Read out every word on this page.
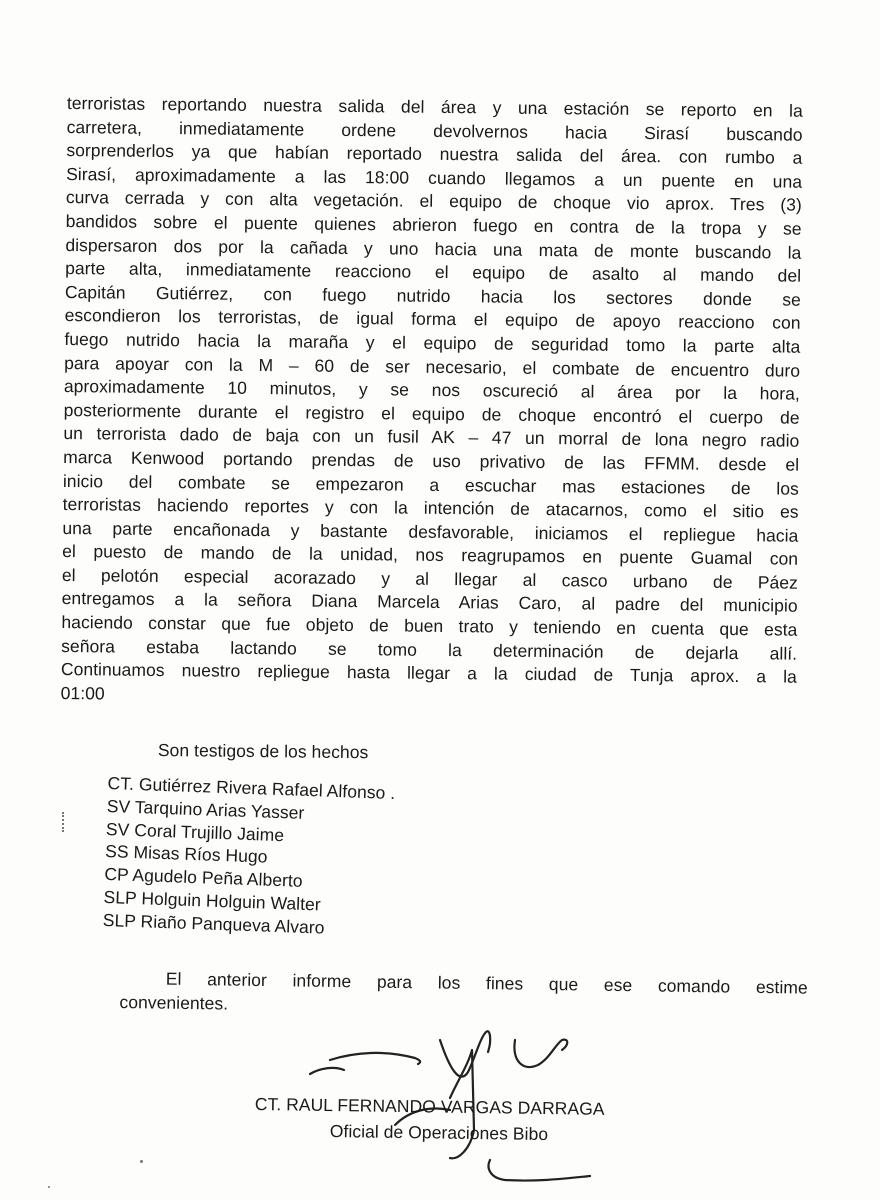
terroristas reportando nuestra salida del área y una estación se reporto en la
carretera, inmediatamente ordene devolvernos hacia Sirasí buscando
sorprenderlos ya que habían reportado nuestra salida del área. con rumbo a
Sirasí, aproximadamente a las 18:00 cuando llegamos a un puente en una
curva cerrada y con alta vegetación. el equipo de choque vio aprox. Tres (3)
bandidos sobre el puente quienes abrieron fuego en contra de la tropa y se
dispersaron dos por la cañada y uno hacia una mata de monte buscando la
parte alta, inmediatamente reacciono el equipo de asalto al mando del
Capitán Gutiérrez, con fuego nutrido hacia los sectores donde se
escondieron los terroristas, de igual forma el equipo de apoyo reacciono con
fuego nutrido hacia la maraña y el equipo de seguridad tomo la parte alta
para apoyar con la M – 60 de ser necesario, el combate de encuentro duro
aproximadamente 10 minutos, y se nos oscureció al área por la hora,
posteriormente durante el registro el equipo de choque encontró el cuerpo de
un terrorista dado de baja con un fusil AK – 47 un morral de lona negro radio
marca Kenwood portando prendas de uso privativo de las FFMM. desde el
inicio del combate se empezaron a escuchar mas estaciones de los
terroristas haciendo reportes y con la intención de atacarnos, como el sitio es
una parte encañonada y bastante desfavorable, iniciamos el repliegue hacia
el puesto de mando de la unidad, nos reagrupamos en puente Guamal con
el pelotón especial acorazado y al llegar al casco urbano de Páez
entregamos a la señora Diana Marcela Arias Caro, al padre del municipio
haciendo constar que fue objeto de buen trato y teniendo en cuenta que esta
señora estaba lactando se tomo la determinación de dejarla allí.
Continuamos nuestro repliegue hasta llegar a la ciudad de Tunja aprox. a la
01:00
Son testigos de los hechos
CT. Gutiérrez Rivera Rafael Alfonso .
SV Tarquino Arias Yasser
SV Coral Trujillo Jaime
SS Misas Ríos Hugo
CP Agudelo Peña Alberto
SLP Holguin Holguin Walter
SLP Riaño Panqueva Alvaro
El anterior informe para los fines que ese comando estime
convenientes.
CT. RAUL FERNANDO VARGAS DARRAGA
Oficial de Operaciones Bibo
